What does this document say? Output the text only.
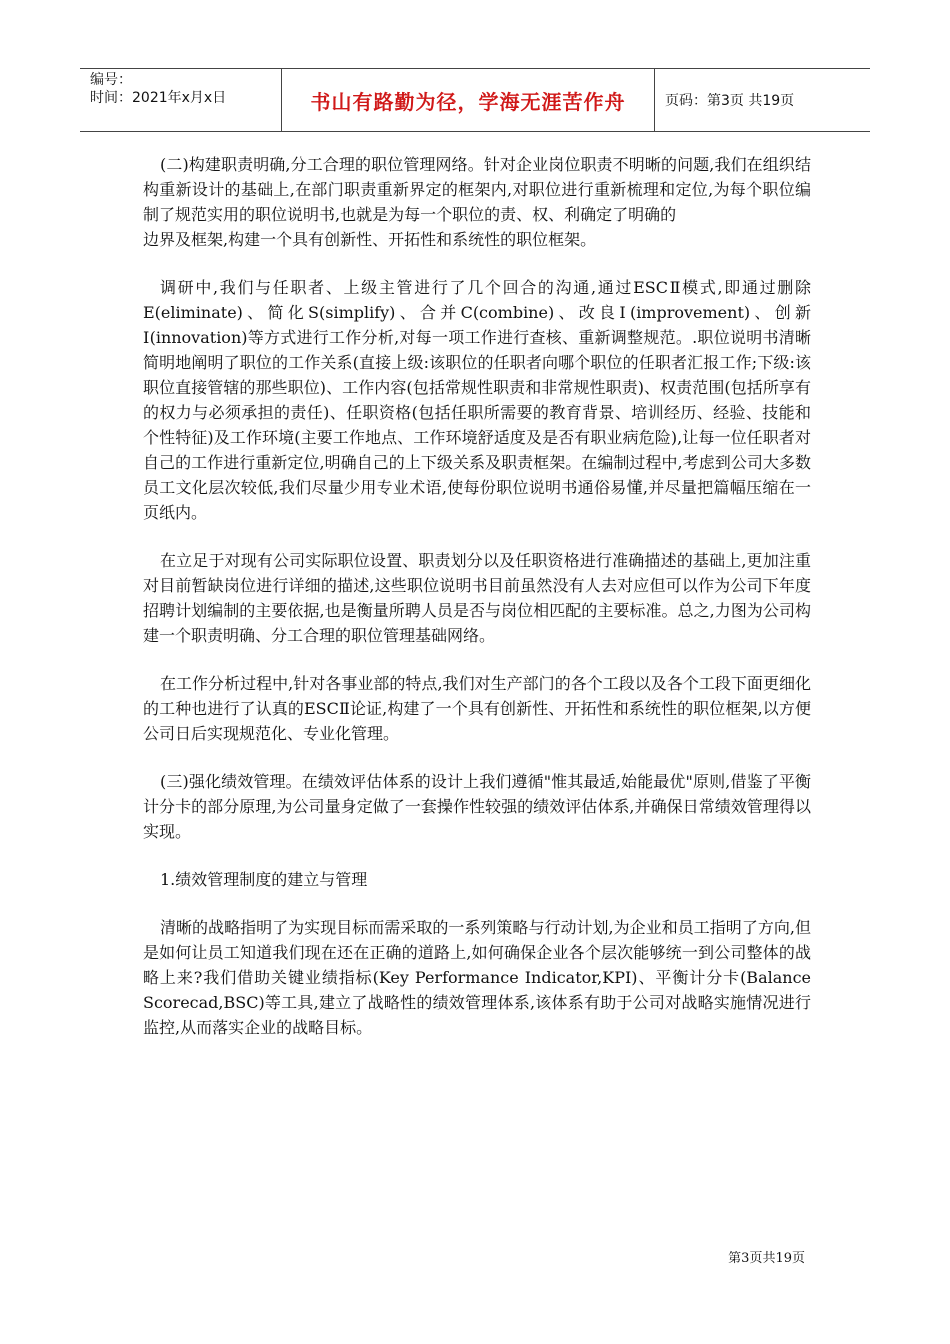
编号：
时间：2021年x月x日	书山有路勤为径，学海无涯苦作舟	页码：第3页 共19页

(二)构建职责明确,分工合理的职位管理网络。针对企业岗位职责不明晰的问题,我们在组织结构重新设计的基础上,在部门职责重新界定的框架内,对职位进行重新梳理和定位,为每个职位编制了规范实用的职位说明书,也就是为每一个职位的责、权、利确定了明确的

边界及框架,构建一个具有创新性、开拓性和系统性的职位框架。

调研中,我们与任职者、上级主管进行了几个回合的沟通,通过ESCⅡ模式,即通过删除E(eliminate)、简化S(simplify)、合并C(combine)、改良Ⅰ(improvement)、创新Ⅰ(innovation)等方式进行工作分析,对每一项工作进行查核、重新调整规范。.职位说明书清晰简明地阐明了职位的工作关系(直接上级:该职位的任职者向哪个职位的任职者汇报工作;下级:该职位直接管辖的那些职位)、工作内容(包括常规性职责和非常规性职责)、权责范围(包括所享有的权力与必须承担的责任)、任职资格(包括任职所需要的教育背景、培训经历、经验、技能和个性特征)及工作环境(主要工作地点、工作环境舒适度及是否有职业病危险),让每一位任职者对自己的工作进行重新定位,明确自己的上下级关系及职责框架。在编制过程中,考虑到公司大多数员工文化层次较低,我们尽量少用专业术语,使每份职位说明书通俗易懂,并尽量把篇幅压缩在一页纸内。

在立足于对现有公司实际职位设置、职责划分以及任职资格进行准确描述的基础上,更加注重对目前暂缺岗位进行详细的描述,这些职位说明书目前虽然没有人去对应但可以作为公司下年度招聘计划编制的主要依据,也是衡量所聘人员是否与岗位相匹配的主要标准。总之,力图为公司构建一个职责明确、分工合理的职位管理基础网络。

在工作分析过程中,针对各事业部的特点,我们对生产部门的各个工段以及各个工段下面更细化的工种也进行了认真的ESCⅡ论证,构建了一个具有创新性、开拓性和系统性的职位框架,以方便公司日后实现规范化、专业化管理。

(三)强化绩效管理。在绩效评估体系的设计上我们遵循"惟其最适,始能最优"原则,借鉴了平衡计分卡的部分原理,为公司量身定做了一套操作性较强的绩效评估体系,并确保日常绩效管理得以实现。

1.绩效管理制度的建立与管理

清晰的战略指明了为实现目标而需采取的一系列策略与行动计划,为企业和员工指明了方向,但是如何让员工知道我们现在还在正确的道路上,如何确保企业各个层次能够统一到公司整体的战略上来?我们借助关键业绩指标(Key Performance Indicator,KPI)、平衡计分卡(Balance Scorecad,BSC)等工具,建立了战略性的绩效管理体系,该体系有助于公司对战略实施情况进行监控,从而落实企业的战略目标。

第3页共19页
